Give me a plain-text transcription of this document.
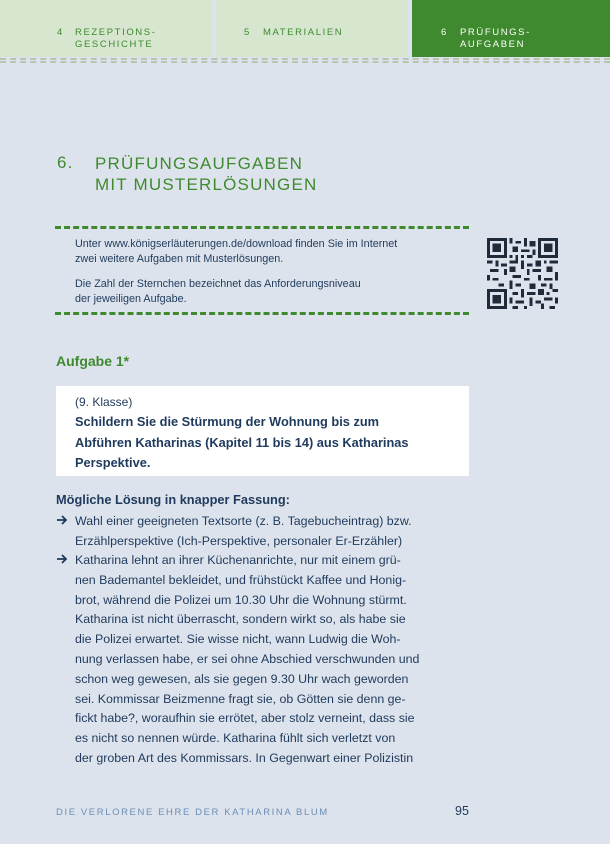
4 REZEPTIONS-
GESCHICHTE
5 MATERIALIEN	6 PRÜFUNGS-
AUFGABEN
6. PRÜFUNGSAUFGABEN
MIT MUSTERLÖSUNGEN
Unter www.königserläuterungen.de/download finden Sie im Internet
zwei weitere Aufgaben mit Musterlösungen.
Die Zahl der Sternchen bezeichnet das Anforderungsniveau
der jeweiligen Aufgabe.
Aufgabe 1*
(9. Klasse)
Schildern Sie die Stürmung der Wohnung bis zum
Abführen Katharinas (Kapitel 11 bis 14) aus Katharinas
Perspektive.
Mögliche Lösung in knapper Fassung:
Wahl einer geeigneten Textsorte (z. B. Tagebucheintrag) bzw.
Erzählperspektive (Ich-Perspektive, personaler Er-Erzähler)
Katharina lehnt an ihrer Küchenanrichte, nur mit einem grü-
nen Bademantel bekleidet, und frühstückt Kaffee und Honig-
brot, während die Polizei um 10.30 Uhr die Wohnung stürmt.
Katharina ist nicht überrascht, sondern wirkt so, als habe sie
die Polizei erwartet. Sie wisse nicht, wann Ludwig die Woh-
nung verlassen habe, er sei ohne Abschied verschwunden und
schon weg gewesen, als sie gegen 9.30 Uhr wach geworden
sei. Kommissar Beizmenne fragt sie, ob Götten sie denn ge-
fickt habe?, woraufhin sie errötet, aber stolz verneint, dass sie
es nicht so nennen würde. Katharina fühlt sich verletzt von
der groben Art des Kommissars. In Gegenwart einer Polizistin
DIE VERLORENE EHRE DER KATHARINA BLUM	95
